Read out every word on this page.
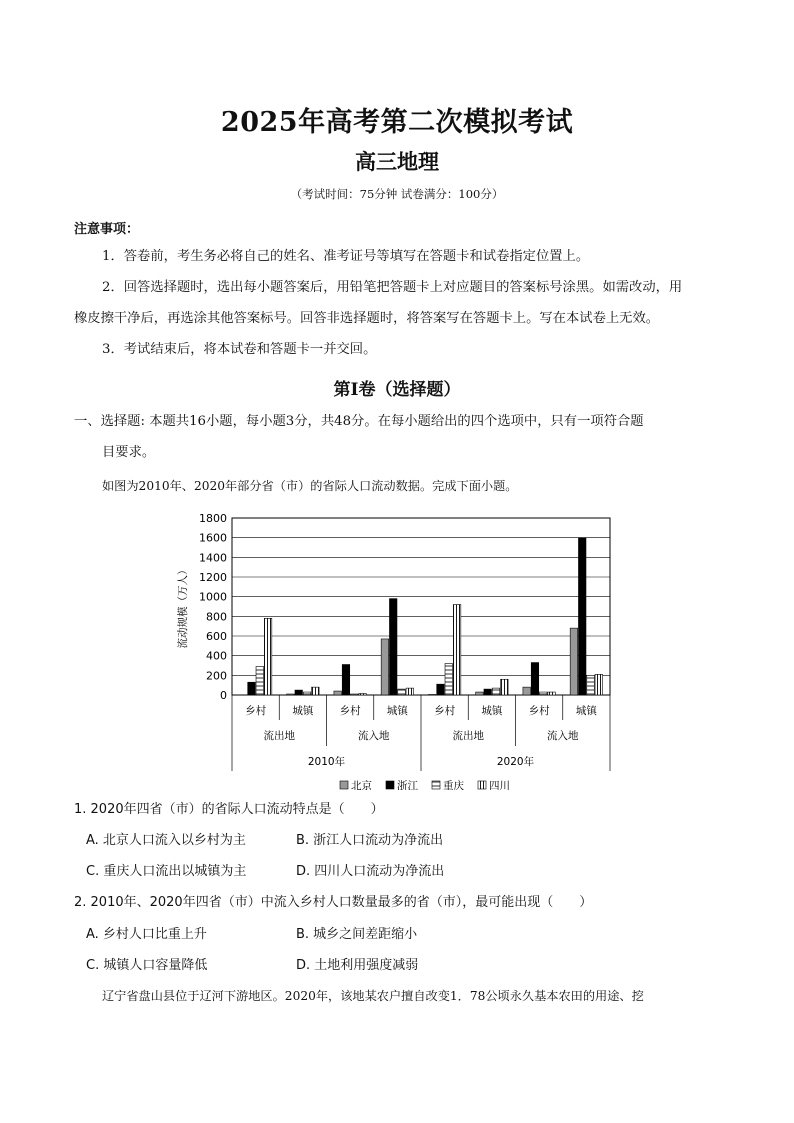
2025年高考第二次模拟考试
高三地理
（考试时间：75分钟 试卷满分：100分）
注意事项：
1．答卷前，考生务必将自己的姓名、准考证号等填写在答题卡和试卷指定位置上。
2．回答选择题时，选出每小题答案后，用铅笔把答题卡上对应题目的答案标号涂黑。如需改动，用
橡皮擦干净后，再选涂其他答案标号。回答非选择题时，将答案写在答题卡上。写在本试卷上无效。
3．考试结束后，将本试卷和答题卡一并交回。
第I卷（选择题）
一、选择题: 本题共16小题，每小题3分，共48分。在每小题给出的四个选项中，只有一项符合题
目要求。
如图为2010年、2020年部分省（市）的省际人口流动数据。完成下面小题。
0
200
400
600
800
1000
1200
1400
1600
1800
流动规模（万人）
乡村	城镇	乡村	城镇	乡村	城镇	乡村	城镇
流出地	流入地	流出地	流入地
2010年	2020年
北京 浙江 重庆 四川
1. 2020年四省（市）的省际人口流动特点是（　　）
A. 北京人口流入以乡村为主	B. 浙江人口流动为净流出
C. 重庆人口流出以城镇为主	D. 四川人口流动为净流出
2. 2010年、2020年四省（市）中流入乡村人口数量最多的省（市），最可能出现（　　）
A. 乡村人口比重上升	B. 城乡之间差距缩小
C. 城镇人口容量降低	D. 土地利用强度减弱
辽宁省盘山县位于辽河下游地区。2020年，该地某农户擅自改变1．78公顷永久基本农田的用途、挖
